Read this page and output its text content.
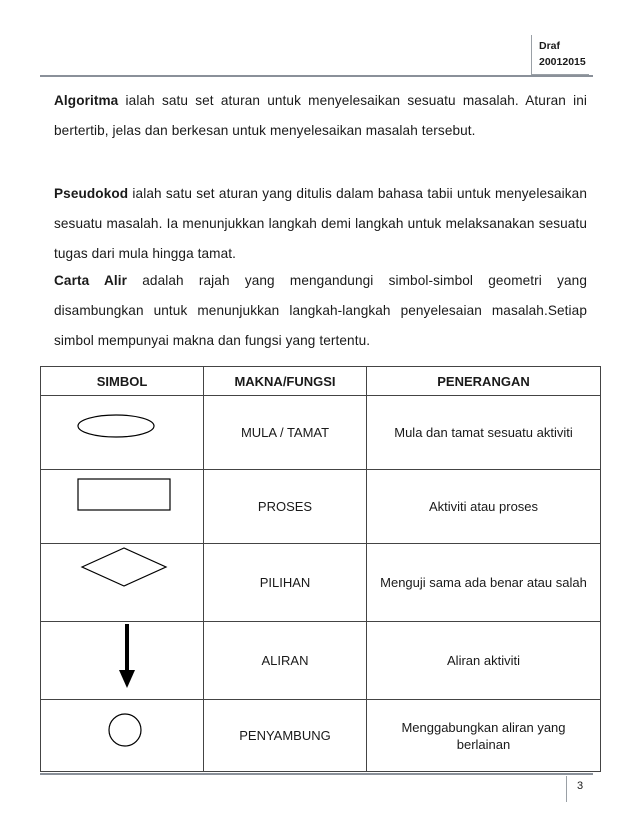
Draf
20012015

Algoritma ialah satu set aturan untuk menyelesaikan sesuatu masalah. Aturan ini bertertib, jelas dan berkesan untuk menyelesaikan masalah tersebut.

Pseudokod ialah satu set aturan yang ditulis dalam bahasa tabii untuk menyelesaikan sesuatu masalah. Ia menunjukkan langkah demi langkah untuk melaksanakan sesuatu tugas dari mula hingga tamat.

Carta Alir adalah rajah yang mengandungi simbol-simbol geometri yang disambungkan untuk menunjukkan langkah-langkah penyelesaian masalah.Setiap simbol mempunyai makna dan fungsi yang tertentu.

SIMBOL	MAKNA/FUNGSI	PENERANGAN

MULA / TAMAT	Mula dan tamat sesuatu aktiviti

PROSES	Aktiviti atau proses

PILIHAN	Menguji sama ada benar atau salah

ALIRAN	Aliran aktiviti

PENYAMBUNG	Menggabungkan aliran yang berlainan
3
